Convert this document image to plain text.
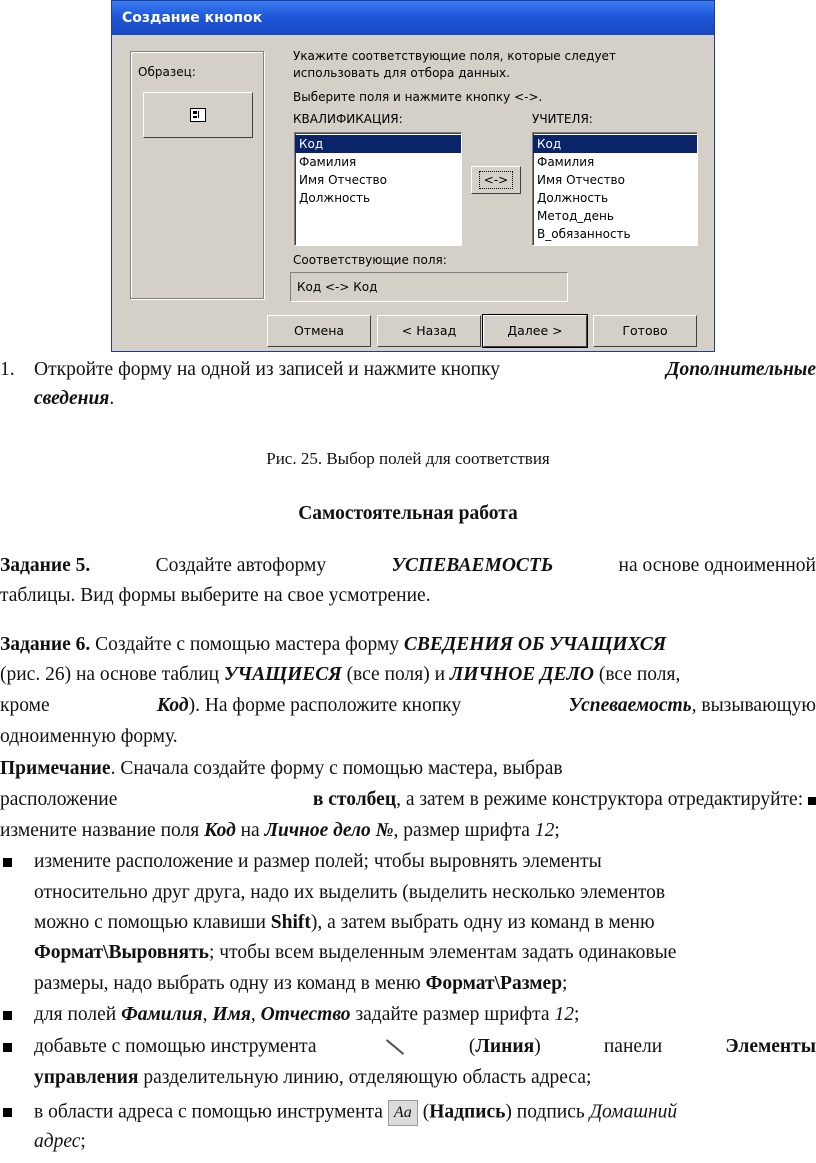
Создание кнопок
Образец:
Укажите соответствующие поля, которые следует
использовать для отбора данных.
Выберите поля и нажмите кнопку <->.
КВАЛИФИКАЦИЯ:	УЧИТЕЛЯ:
Код
Фамилия
Имя Отчество
Должность
<->
Код
Фамилия
Имя Отчество
Должность
Метод_день
В_обязанность
Соответствующие поля:
Код <-> Код
Отмена	< Назад	Далее >	Готово
1. Откройте форму на одной из записей и нажмите кнопку	Дополнительные
сведения.
Рис. 25. Выбор полей для соответствия
Самостоятельная работа
Задание 5.	Создайте автоформу	УСПЕВАЕМОСТЬ	на основе одноименной
таблицы. Вид формы выберите на свое усмотрение.
Задание 6. Создайте с помощью мастера форму СВЕДЕНИЯ ОБ УЧАЩИХСЯ
(рис. 26) на основе таблиц УЧАЩИЕСЯ (все поля) и ЛИЧНОЕ ДЕЛО (все поля,
кроме	Код). На форме расположите кнопку	Успеваемость, вызывающую
одноименную форму.
Примечание. Сначала создайте форму с помощью мастера, выбрав
расположение	в столбец, а затем в режиме конструктора отредактируйте:
измените название поля Код на Личное дело №, размер шрифта 12;
измените расположение и размер полей; чтобы выровнять элементы
относительно друг друга, надо их выделить (выделить несколько элементов
можно с помощью клавиши Shift), а затем выбрать одну из команд в меню
Формат\Выровнять; чтобы всем выделенным элементам задать одинаковые
размеры, надо выбрать одну из команд в меню Формат\Размер;
для полей Фамилия, Имя, Отчество задайте размер шрифта 12;
добавьте с помощью инструмента	(Линия)	панели	Элементы
управления разделительную линию, отделяющую область адреса;
в области адреса с помощью инструмента Aa (Надпись) подпись Домашний
адрес;
